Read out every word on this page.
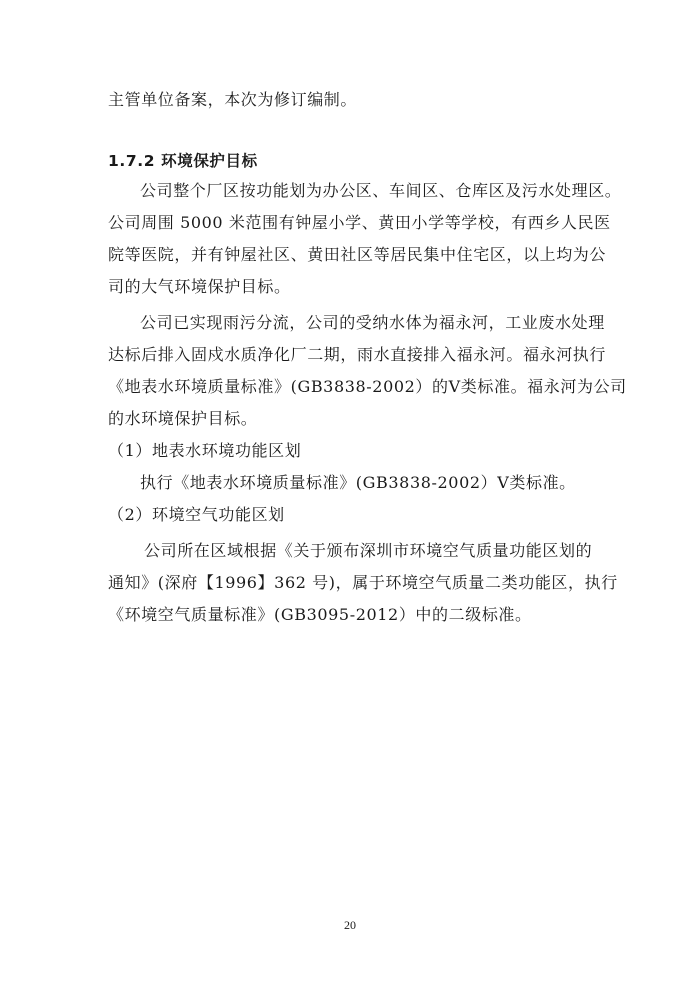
主管单位备案，本次为修订编制。
1.7.2 环境保护目标
公司整个厂区按功能划为办公区、车间区、仓库区及污水处理区。
公司周围 5000 米范围有钟屋小学、黄田小学等学校，有西乡人民医
院等医院，并有钟屋社区、黄田社区等居民集中住宅区，以上均为公
司的大气环境保护目标。
公司已实现雨污分流，公司的受纳水体为福永河，工业废水处理
达标后排入固戍水质净化厂二期，雨水直接排入福永河。福永河执行
《地表水环境质量标准》(GB3838-2002）的V类标准。福永河为公司
的水环境保护目标。
（1）地表水环境功能区划
执行《地表水环境质量标准》(GB3838-2002）V类标准。
（2）环境空气功能区划
公司所在区域根据《关于颁布深圳市环境空气质量功能区划的
通知》(深府【1996】362 号)，属于环境空气质量二类功能区，执行
《环境空气质量标准》(GB3095-2012）中的二级标准。
20
